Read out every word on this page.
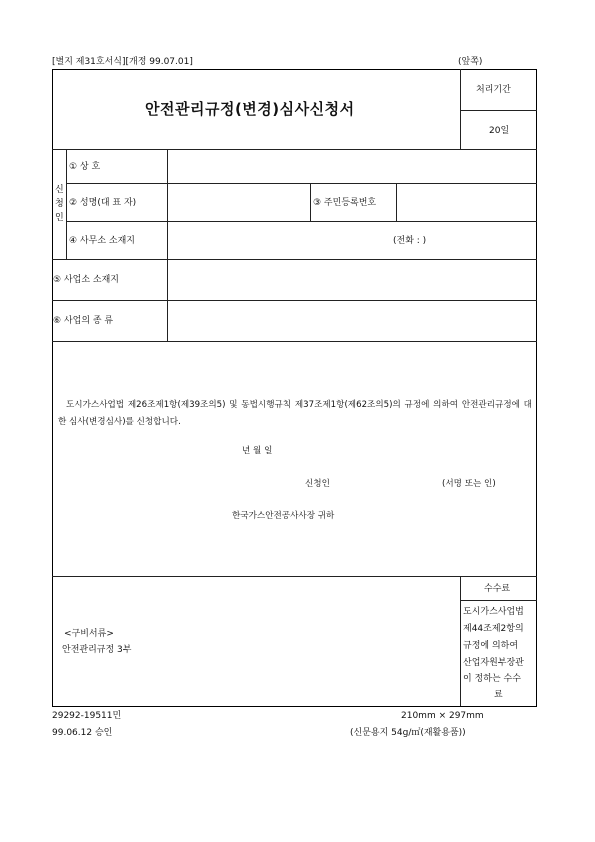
[별지 제31호서식][개정 99.07.01]	(앞쪽)
안전관리규정(변경)심사신청서
처리기간
20일
신
청
인
① 상 호
② 성명(대 표 자)	③ 주민등록번호
④ 사무소 소재지	(전화 : )
⑤ 사업소 소재지
⑥ 사업의 종 류
도시가스사업법 제26조제1항(제39조의5) 및 동법시행규칙 제37조제1항(제62조의5)의 규정에 의하여 안전관리규정에 대한 심사(변경심사)를 신청합니다.
년 월 일
신청인	(서명 또는 인)
한국가스안전공사사장 귀하
<구비서류>
안전관리규정 3부
수수료
도시가스사업법
제44조제2항의
규정에 의하여
산업자원부장관
이 정하는 수수
료
29292-19511민	210mm × 297mm
99.06.12 승인	(신문용지 54g/㎡(재활용품))
